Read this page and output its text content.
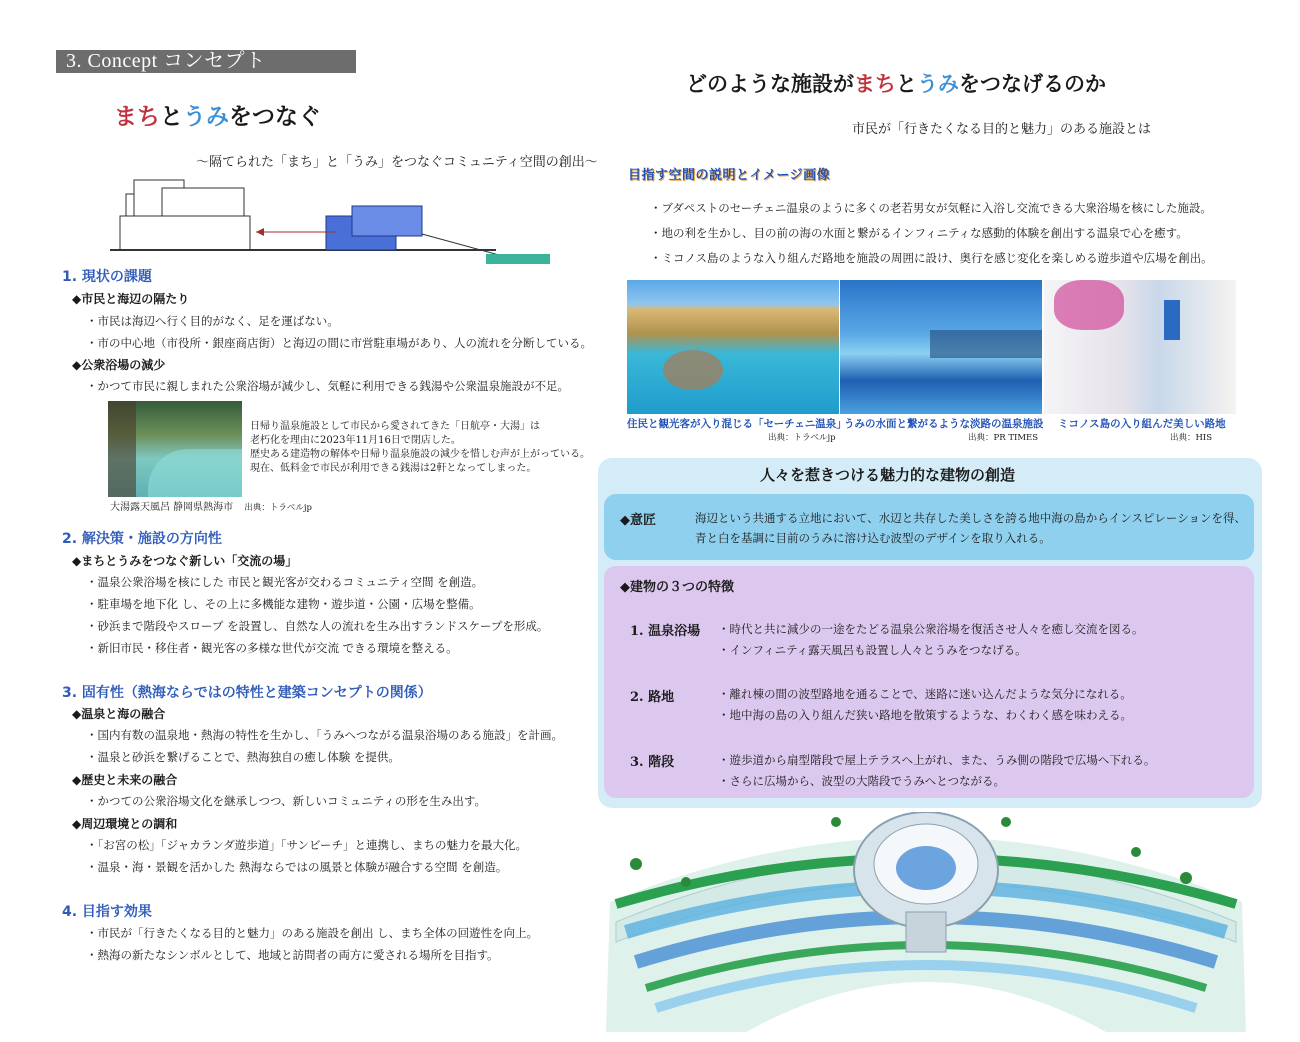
3. Concept コンセプト
まちとうみをつなぐ
～隔てられた「まち」と「うみ」をつなぐコミュニティ空間の創出～
1. 現状の課題
◆市民と海辺の隔たり
・市民は海辺へ行く目的がなく、足を運ばない。
・市の中心地（市役所・銀座商店街）と海辺の間に市営駐車場があり、人の流れを分断している。
◆公衆浴場の減少
・かつて市民に親しまれた公衆浴場が減少し、気軽に利用できる銭湯や公衆温泉施設が不足。
大湯露天風呂 静岡県熱海市 出典：トラベルjp
日帰り温泉施設として市民から愛されてきた「日航亭・大湯」は
老朽化を理由に2023年11月16日で閉店した。
歴史ある建造物の解体や日帰り温泉施設の減少を惜しむ声が上がっている。
現在、低料金で市民が利用できる銭湯は2軒となってしまった。
2. 解決策・施設の方向性
◆まちとうみをつなぐ新しい「交流の場」
・温泉公衆浴場を核にした 市民と観光客が交わるコミュニティ空間 を創造。
・駐車場を地下化 し、その上に多機能な建物・遊歩道・公園・広場を整備。
・砂浜まで階段やスロープ を設置し、自然な人の流れを生み出すランドスケープを形成。
・新旧市民・移住者・観光客の多様な世代が交流 できる環境を整える。
3. 固有性（熱海ならではの特性と建築コンセプトの関係）
◆温泉と海の融合
・国内有数の温泉地・熱海の特性を生かし、「うみへつながる温泉浴場のある施設」を計画。
・温泉と砂浜を繋げることで、熱海独自の癒し体験 を提供。
◆歴史と未来の融合
・かつての公衆浴場文化を継承しつつ、新しいコミュニティの形を生み出す。
◆周辺環境との調和
・「お宮の松」「ジャカランダ遊歩道」「サンビーチ」と連携し、まちの魅力を最大化。
・温泉・海・景観を活かした 熱海ならではの風景と体験が融合する空間 を創造。
4. 目指す効果
・市民が「行きたくなる目的と魅力」のある施設を創出 し、まち全体の回遊性を向上。
・熱海の新たなシンボルとして、地域と訪問者の両方に愛される場所を目指す。
どのような施設がまちとうみをつなげるのか
市民が「行きたくなる目的と魅力」のある施設とは
目指す空間の説明とイメージ画像
・ブダペストのセーチェニ温泉のように多くの老若男女が気軽に入浴し交流できる大衆浴場を核にした施設。
・地の利を生かし、目の前の海の水面と繋がるインフィニティな感動的体験を創出する温泉で心を癒す。
・ミコノス島のような入り組んだ路地を施設の周囲に設け、奥行を感じ変化を楽しめる遊歩道や広場を創出。
住民と観光客が入り混じる「セーチェニ温泉」
出典：トラベルjp
うみの水面と繋がるような淡路の温泉施設
出典：PR TIMES
ミコノス島の入り組んだ美しい路地
出典：HIS
人々を惹きつける魅力的な建物の創造
◆意匠	海辺という共通する立地において、水辺と共存した美しさを誇る地中海の島からインスピレーションを得、
青と白を基調に目前のうみに溶け込む波型のデザインを取り入れる。
◆建物の３つの特徴
1. 温泉浴場 ・時代と共に減少の一途をたどる温泉公衆浴場を復活させ人々を癒し交流を図る。
・インフィニティ露天風呂も設置し人々とうみをつなげる。
2. 路地	・離れ棟の間の波型路地を通ることで、迷路に迷い込んだような気分になれる。
・地中海の島の入り組んだ狭い路地を散策するような、わくわく感を味わえる。
3. 階段	・遊歩道から扇型階段で屋上テラスへ上がれ、また、うみ側の階段で広場へ下れる。
・さらに広場から、波型の大階段でうみへとつながる。
